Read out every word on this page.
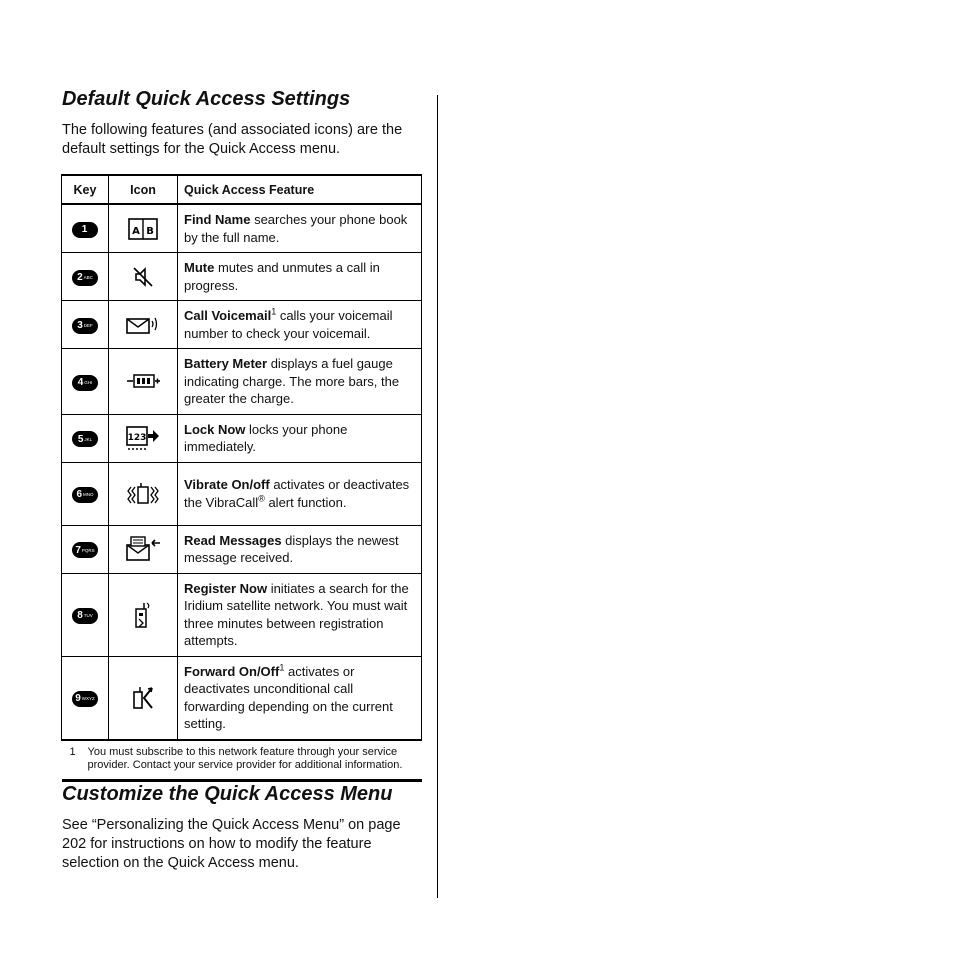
Default Quick Access Settings

The following features (and associated icons) are the default settings for the Quick Access menu.

Key	Icon	Quick Access Feature

1	A B	Find Name searches your phone book by the full name.

2 ABC		Mute mutes and unmutes a call in progress.

3 DEF		Call Voicemail$^1$ calls your voicemail number to check your voicemail.

4 GHI		Battery Meter displays a fuel gauge indicating charge. The more bars, the greater the charge.

5 JKL	123	Lock Now locks your phone immediately.

6 MNO		Vibrate On/off activates or deactivates the VibraCall® alert function.

7 PQRS		Read Messages displays the newest message received.

8 TUV		Register Now initiates a search for the Iridium satellite network. You must wait three minutes between registration attempts.

9 WXYZ		Forward On/Off$^1$ activates or deactivates unconditional call forwarding depending on the current setting.
1 You must subscribe to this network feature through your service provider. Contact your service provider for additional information.		
Customize the Quick Access Menu

See “Personalizing the Quick Access Menu” on page 202 for instructions on how to modify the feature selection on the Quick Access menu.
